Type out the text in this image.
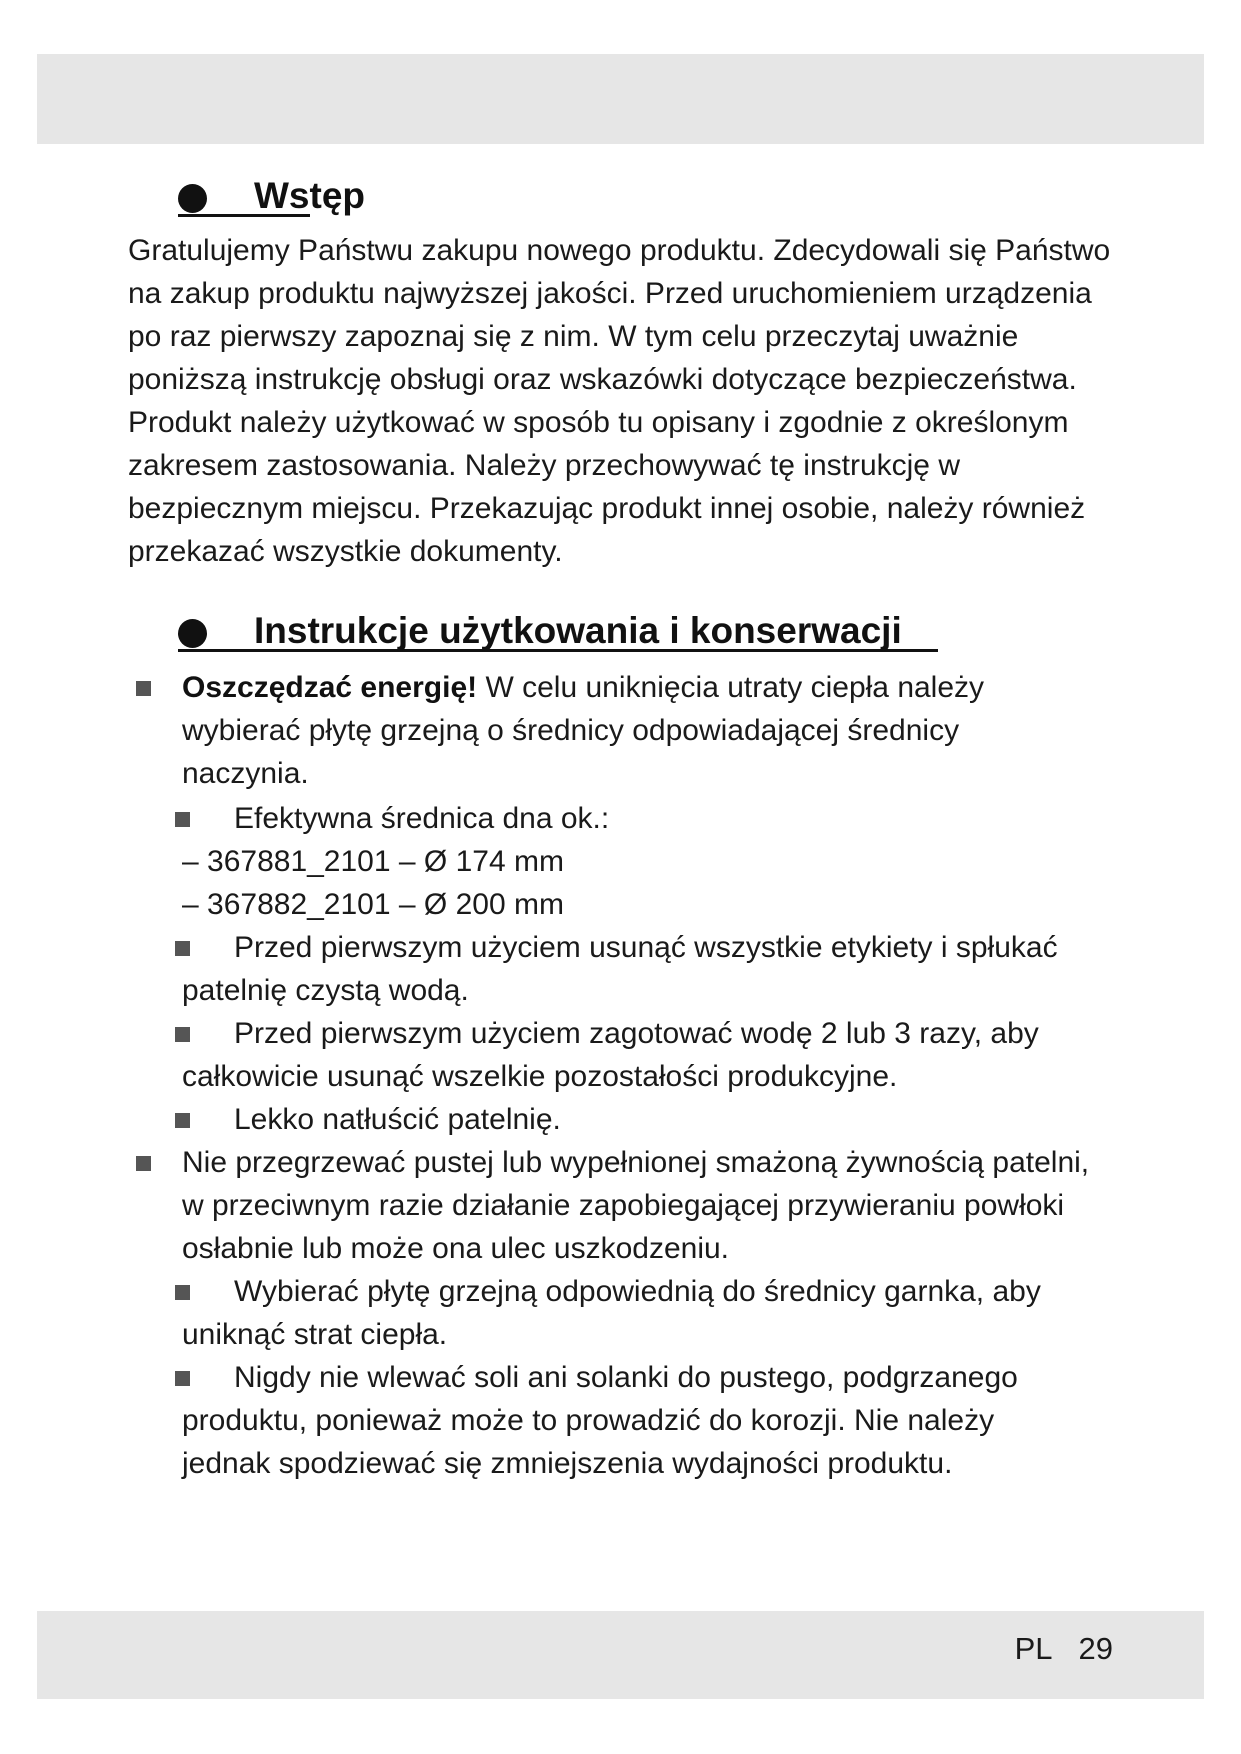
Wstęp

Gratulujemy Państwu zakupu nowego produktu. Zdecydowali się Państwo na zakup produktu najwyższej jakości. Przed uruchomieniem urządzenia po raz pierwszy zapoznaj się z nim. W tym celu przeczytaj uważnie poniższą instrukcję obsługi oraz wskazówki dotyczące bezpieczeństwa. Produkt należy użytkować w sposób tu opisany i zgodnie z określonym zakresem zastosowania. Należy przechowywać tę instrukcję w bezpiecznym miejscu. Przekazując produkt innej osobie, należy również przekazać wszystkie dokumenty.

Instrukcje użytkowania i konserwacji

Oszczędzać energię! W celu uniknięcia utraty ciepła należy wybierać płytę grzejną o średnicy odpowiadającej średnicy naczynia.

Efektywna średnica dna ok.:

– 367881_2101 – Ø 174 mm

– 367882_2101 – Ø 200 mm

Przed pierwszym użyciem usunąć wszystkie etykiety i spłukać patelnię czystą wodą.

Przed pierwszym użyciem zagotować wodę 2 lub 3 razy, aby całkowicie usunąć wszelkie pozostałości produkcyjne.

Lekko natłuścić patelnię.

Nie przegrzewać pustej lub wypełnionej smażoną żywnością patelni, w przeciwnym razie działanie zapobiegającej przywieraniu powłoki osłabnie lub może ona ulec uszkodzeniu.

Wybierać płytę grzejną odpowiednią do średnicy garnka, aby uniknąć strat ciepła.

Nigdy nie wlewać soli ani solanki do pustego, podgrzanego produktu, ponieważ może to prowadzić do korozji. Nie należy jednak spodziewać się zmniejszenia wydajności produktu.

PL 29
